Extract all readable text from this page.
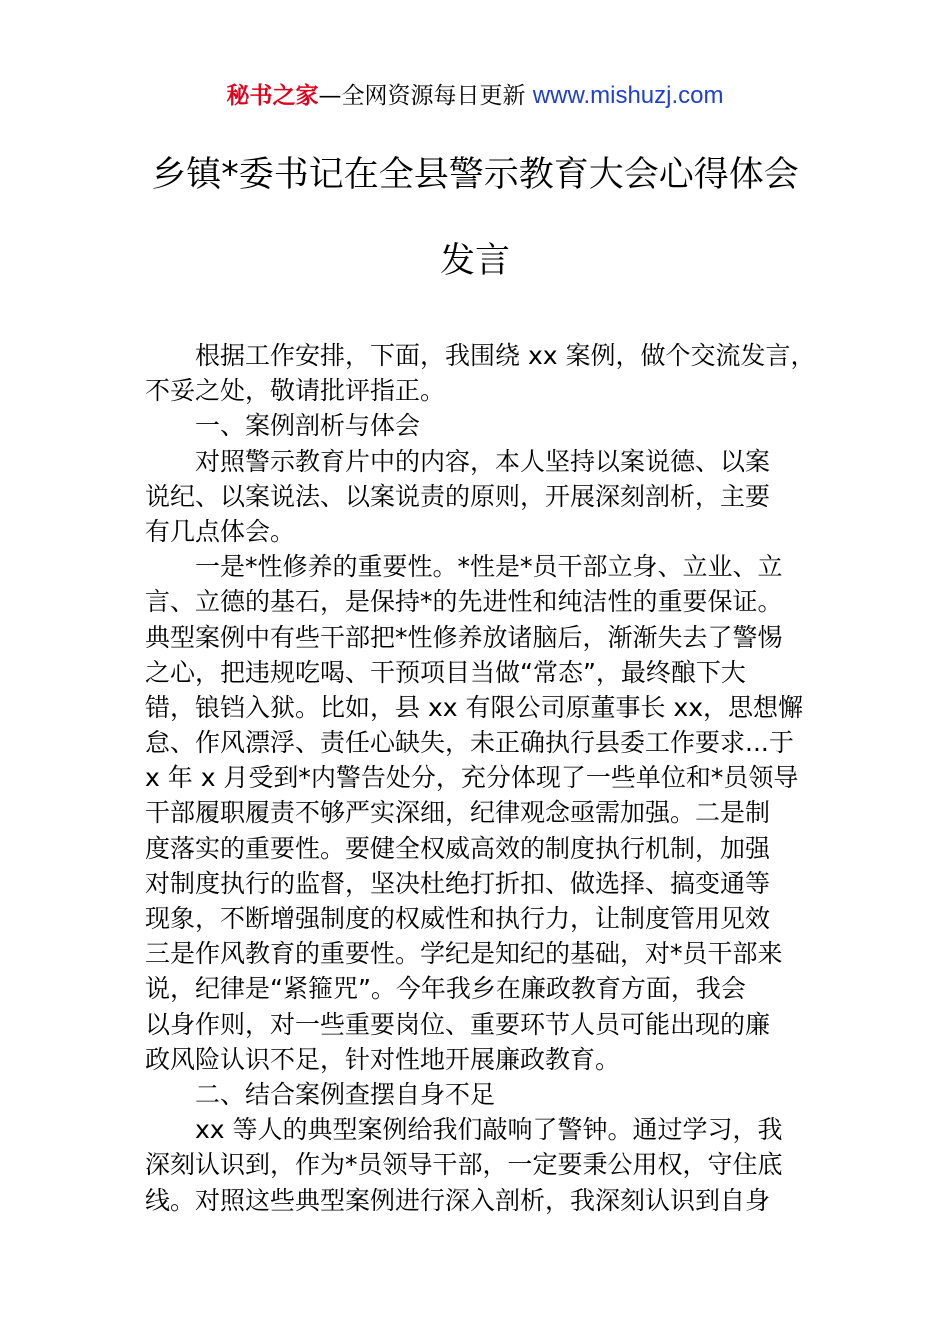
秘书之家—全网资源每日更新 www.mishuzj.com
乡镇*委书记在全县警示教育大会心得体会
发言
根据工作安排，下面，我围绕 xx 案例，做个交流发言，
不妥之处，敬请批评指正。
一、案例剖析与体会
对照警示教育片中的内容，本人坚持以案说德、以案
说纪、以案说法、以案说责的原则，开展深刻剖析，主要
有几点体会。
一是*性修养的重要性。*性是*员干部立身、立业、立
言、立德的基石，是保持*的先进性和纯洁性的重要保证。
典型案例中有些干部把*性修养放诸脑后，渐渐失去了警惕
之心，把违规吃喝、干预项目当做“常态”，最终酿下大
错，锒铛入狱。比如，县 xx 有限公司原董事长 xx，思想懈
怠、作风漂浮、责任心缺失，未正确执行县委工作要求...于
x 年 x 月受到*内警告处分，充分体现了一些单位和*员领导
干部履职履责不够严实深细，纪律观念亟需加强。二是制
度落实的重要性。要健全权威高效的制度执行机制，加强
对制度执行的监督，坚决杜绝打折扣、做选择、搞变通等
现象，不断增强制度的权威性和执行力，让制度管用见效
三是作风教育的重要性。学纪是知纪的基础，对*员干部来
说，纪律是“紧箍咒”。今年我乡在廉政教育方面，我会
以身作则，对一些重要岗位、重要环节人员可能出现的廉
政风险认识不足，针对性地开展廉政教育。
二、结合案例查摆自身不足
xx 等人的典型案例给我们敲响了警钟。通过学习，我
深刻认识到，作为*员领导干部，一定要秉公用权，守住底
线。对照这些典型案例进行深入剖析，我深刻认识到自身
